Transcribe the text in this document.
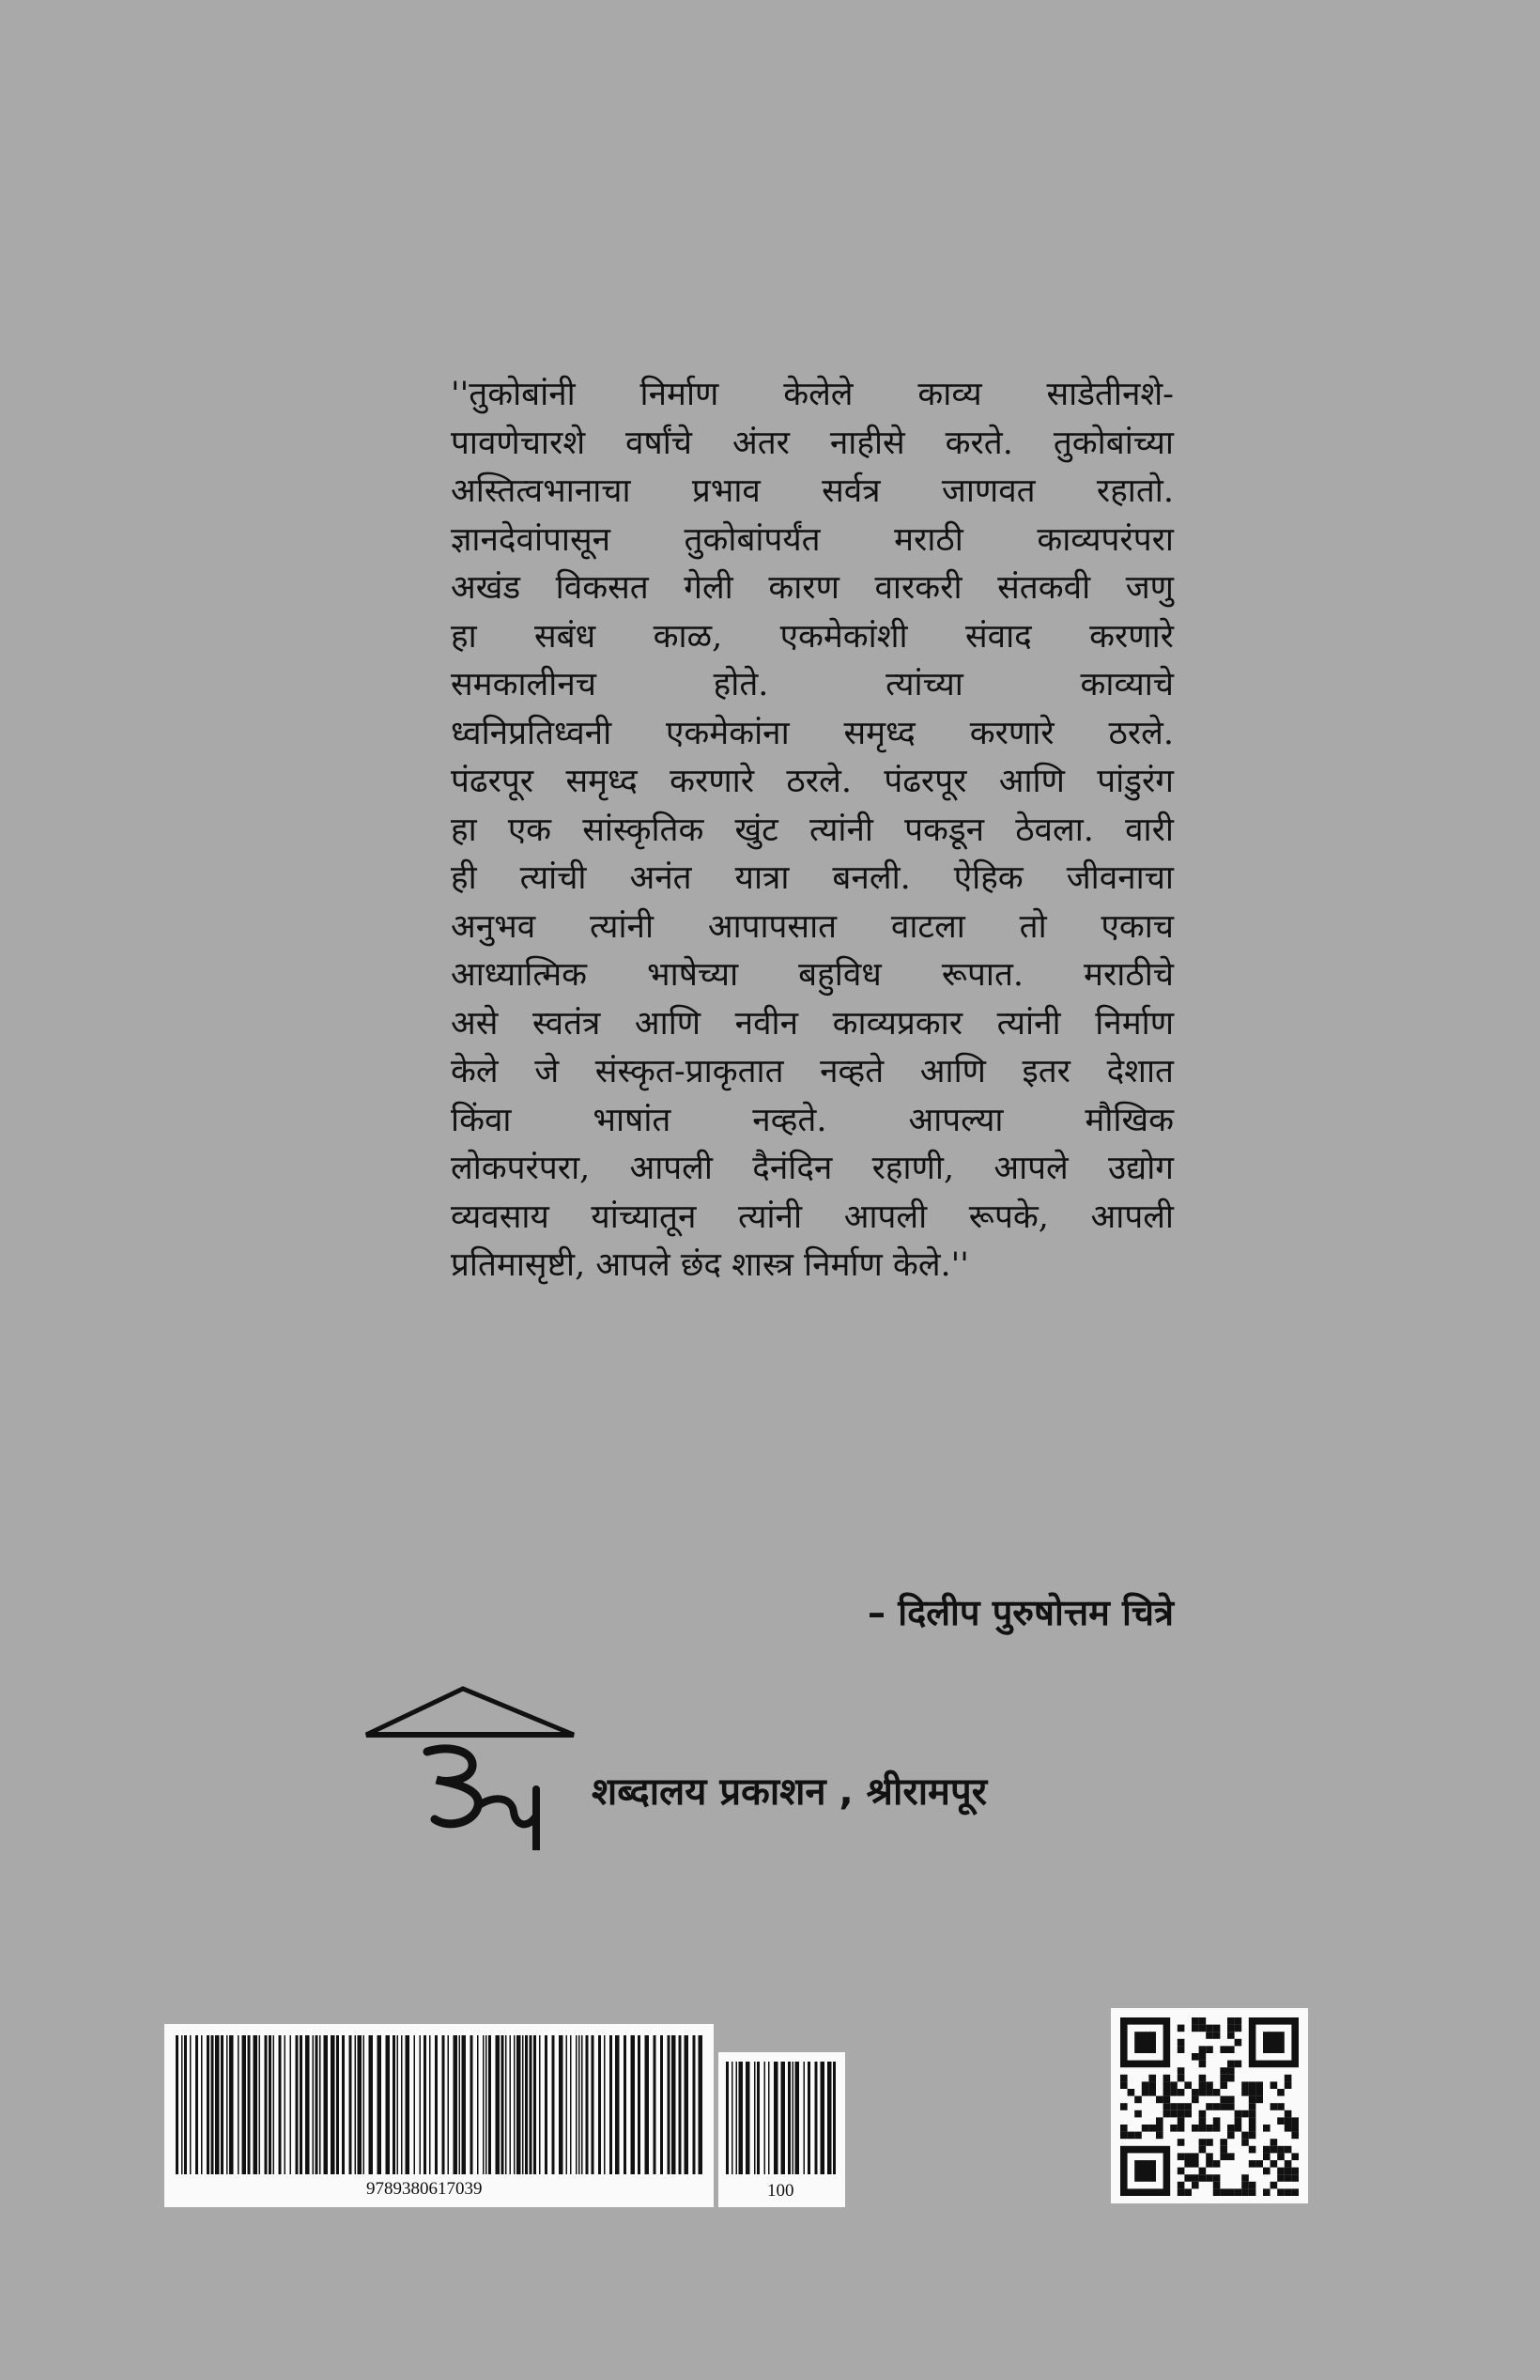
''तुकोबांनी निर्माण केलेले काव्य साडेतीनशे-
पावणेचारशे वर्षांचे अंतर नाहीसे करते. तुकोबांच्या
अस्तित्वभानाचा प्रभाव सर्वत्र जाणवत रहातो.
ज्ञानदेवांपासून तुकोबांपर्यंत मराठी काव्यपरंपरा
अखंड विकसत गेली कारण वारकरी संतकवी जणु
हा सबंध काळ, एकमेकांशी संवाद करणारे
समकालीनच होते. त्यांच्या काव्याचे
ध्वनिप्रतिध्वनी एकमेकांना समृध्द करणारे ठरले.
पंढरपूर समृध्द करणारे ठरले. पंढरपूर आणि पांडुरंग
हा एक सांस्कृतिक खुंट त्यांनी पकडून ठेवला. वारी
ही त्यांची अनंत यात्रा बनली. ऐहिक जीवनाचा
अनुभव त्यांनी आपापसात वाटला तो एकाच
आध्यात्मिक भाषेच्या बहुविध रूपात. मराठीचे
असे स्वतंत्र आणि नवीन काव्यप्रकार त्यांनी निर्माण
केले जे संस्कृत-प्राकृतात नव्हते आणि इतर देशात
किंवा भाषांत नव्हते. आपल्या मौखिक
लोकपरंपरा, आपली दैनंदिन रहाणी, आपले उद्योग
व्यवसाय यांच्यातून त्यांनी आपली रूपके, आपली
प्रतिमासृष्टी, आपले छंद शास्त्र निर्माण केले.''
– दिलीप पुरुषोत्तम चित्रे
शब्दालय प्रकाशन , श्रीरामपूर
9789380617039	100
